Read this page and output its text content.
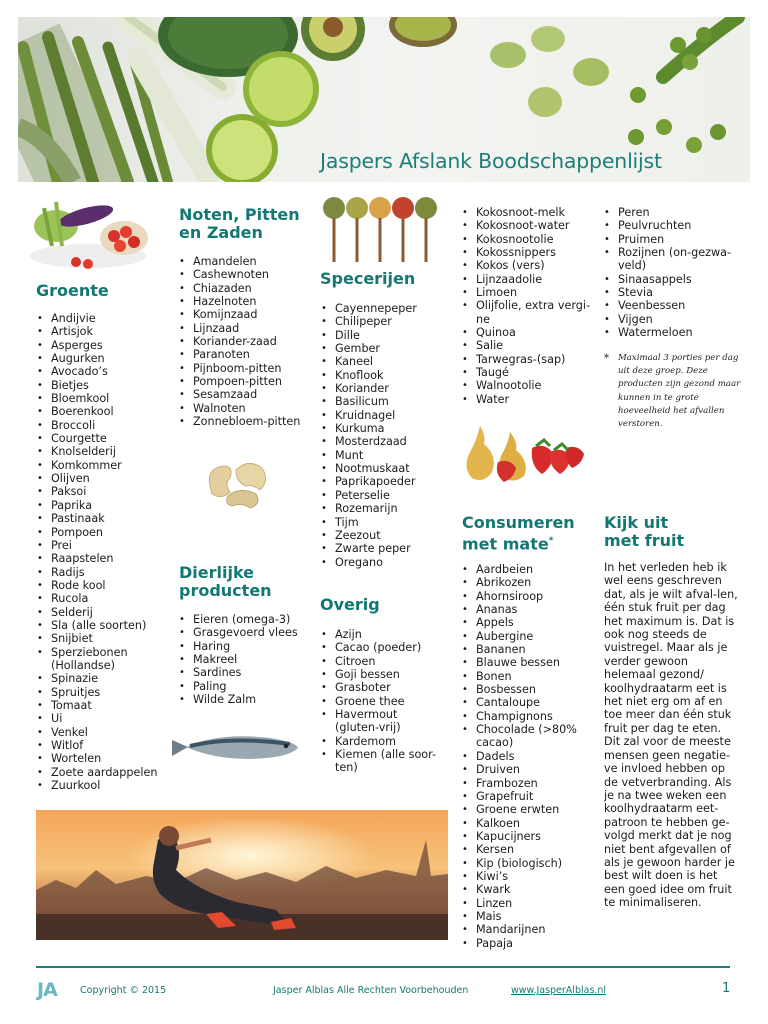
Jaspers Afslank Boodschappenlijst
Groente
• Andijvie
• Artisjok
• Asperges
• Augurken
• Avocado’s
• Bietjes
• Bloemkool
• Boerenkool
• Broccoli
• Courgette
• Knolselderij
• Komkommer
• Olijven
• Paksoi
• Paprika
• Pastinaak
• Pompoen
• Prei
• Raapstelen
• Radijs
• Rode kool
• Rucola
• Selderij
• Sla (alle soorten)
• Snijbiet
• Sperziebonen (Hollandse)
• Spinazie
• Spruitjes
• Tomaat
• Ui
• Venkel
• Witlof
• Wortelen
• Zoete aardappelen
• Zuurkool
Noten, Pitten
en Zaden
• Amandelen
• Cashewnoten
• Chiazaden
• Hazelnoten
• Komijnzaad
• Lijnzaad
• Koriander-zaad
• Paranoten
• Pijnboom-pitten
• Pompoen-pitten
• Sesamzaad
• Walnoten
• Zonnebloem-pitten
Dierlijke
producten
• Eieren (omega-3)
• Grasgevoerd vlees
• Haring
• Makreel
• Sardines
• Paling
• Wilde Zalm
Specerijen
• Cayennepeper
• Chilipeper
• Dille
• Gember
• Kaneel
• Knoflook
• Koriander
• Basilicum
• Kruidnagel
• Kurkuma
• Mosterdzaad
• Munt
• Nootmuskaat
• Paprikapoeder
• Peterselie
• Rozemarijn
• Tijm
• Zeezout
• Zwarte peper
• Oregano
Overig
• Azijn
• Cacao (poeder)
• Citroen
• Goji bessen
• Grasboter
• Groene thee
• Havermout (gluten-vrij)
• Kardemom
• Kiemen (alle soor-ten)
• Kokosnoot-melk
• Kokosnoot-water
• Kokosnootolie
• Kokossnippers
• Kokos (vers)
• Lijnzaadolie
• Limoen
• Olijfolie, extra vergi-ne
• Quinoa
• Salie
• Tarwegras-(sap)
• Taugé
• Walnootolie
• Water
Consumeren
met mate*
• Aardbeien
• Abrikozen
• Ahornsiroop
• Ananas
• Appels
• Aubergine
• Bananen
• Blauwe bessen
• Bonen
• Bosbessen
• Cantaloupe
• Champignons
• Chocolade (>80% cacao)
• Dadels
• Druiven
• Frambozen
• Grapefruit
• Groene erwten
• Kalkoen
• Kapucijners
• Kersen
• Kip (biologisch)
• Kiwi’s
• Kwark
• Linzen
• Mais
• Mandarijnen
• Papaja
• Peren
• Peulvruchten
• Pruimen
• Rozijnen (on-gezwa-veld)
• Sinaasappels
• Stevia
• Veenbessen
• Vijgen
• Watermeloen
* Maximaal 3 porties per dag uit deze groep. Deze producten zijn gezond maar kunnen in te grote hoeveelheid het afvallen verstoren.
Kijk uit
met fruit
In het verleden heb ik wel eens geschreven dat, als je wilt afval-len, één stuk fruit per dag het maximum is. Dat is ook nog steeds de vuistregel. Maar als je verder gewoon helemaal gezond/ koolhydraatarm eet is het niet erg om af en toe meer dan één stuk fruit per dag te eten. Dit zal voor de meeste mensen geen negatie-ve invloed hebben op de vetverbranding. Als je na twee weken een koolhydraatarm eet-patroon te hebben ge-volgd merkt dat je nog niet bent afgevallen of als je gewoon harder je best wilt doen is het een goed idee om fruit te minimaliseren.
JA Copyright © 2015	Jasper Alblas Alle Rechten Voorbehouden	www.JasperAlblas.nl	1
